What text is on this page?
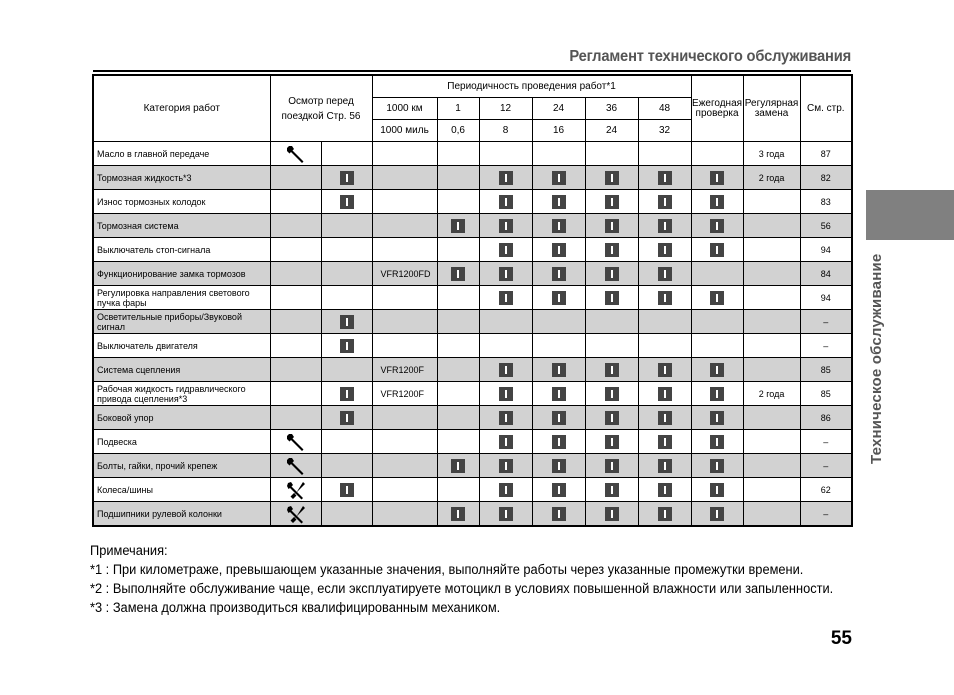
Регламент технического обслуживания
Техническое обслуживание
Категория работ	Осмотр перед поездкой Стр. 56		Периодичность проведения работ*1						Ежегодная проверка	Регулярная замена	См. стр.
			1000 км	1	12	24	36	48			
			1000 миль	0,6	8	16	24	32			
Масло в главной передаче										3 года	87
Тормозная жидкость*3										2 года	82
Износ тормозных колодок											83
Тормозная система											56
Выключатель стоп-сигнала											94
Функционирование замка тормозов			VFR1200FD								84
Регулировка направления светового пучка фары											94
Осветительные приборы/Звуковой сигнал											–
Выключатель двигателя											–
Система сцепления			VFR1200F								85
Рабочая жидкость гидравлического привода сцепления*3			VFR1200F							2 года	85
Боковой упор											86
Подвеска											–
Болты, гайки, прочий крепеж											–
Колеса/шины											62
Подшипники рулевой колонки											–
Примечания:
*1 : При километраже, превышающем указанные значения, выполняйте работы через указанные промежутки времени.
*2 : Выполняйте обслуживание чаще, если эксплуатируете мотоцикл в условиях повышенной влажности или запыленности.
*3 : Замена должна производиться квалифицированным механиком.
55
